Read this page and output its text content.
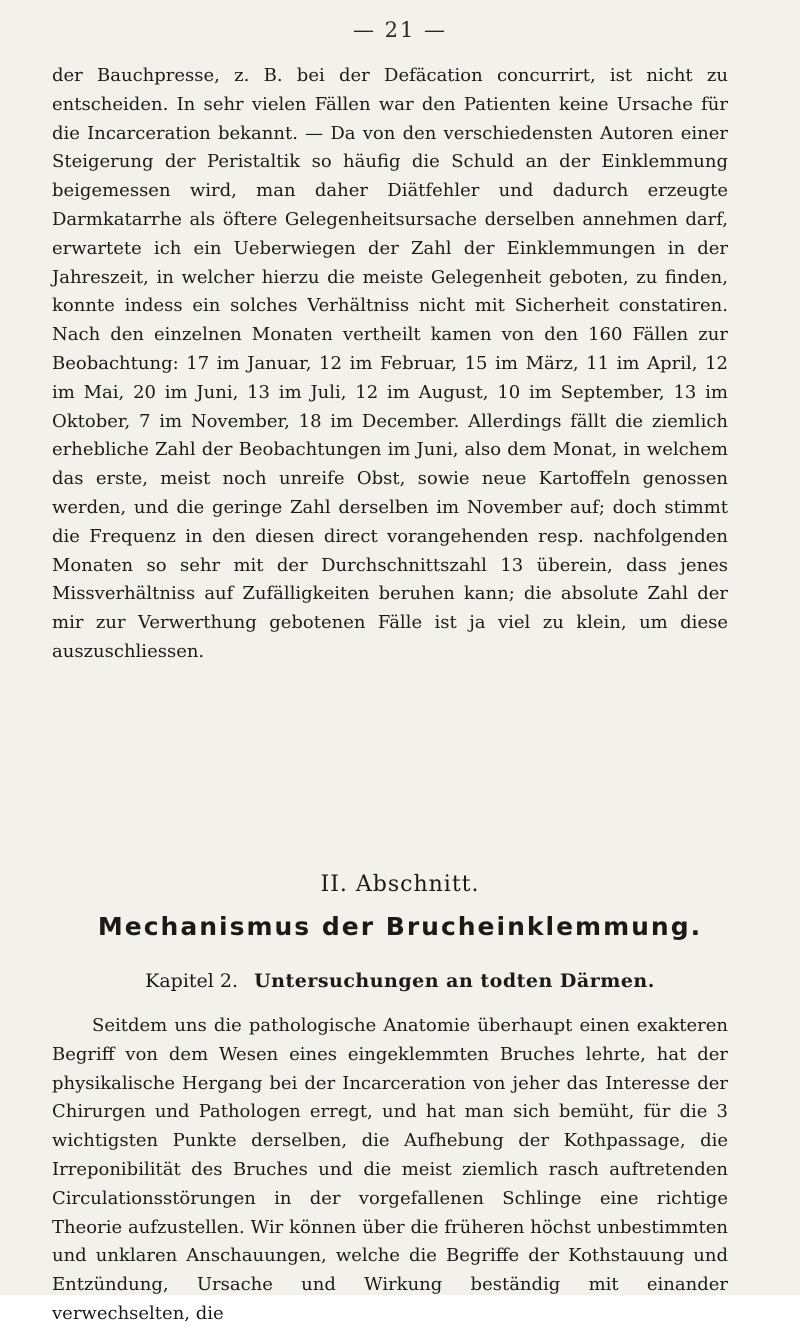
— 21 —

der Bauchpresse, z. B. bei der Defäcation concurrirt, ist nicht zu entscheiden. In sehr vielen Fällen war den Patienten keine Ursache für die Incarceration bekannt. — Da von den verschiedensten Autoren einer Steigerung der Peristaltik so häufig die Schuld an der Einklemmung beigemessen wird, man daher Diätfehler und dadurch erzeugte Darmkatarrhe als öftere Gelegenheitsursache derselben annehmen darf, erwartete ich ein Ueberwiegen der Zahl der Einklemmungen in der Jahreszeit, in welcher hierzu die meiste Gelegenheit geboten, zu finden, konnte indess ein solches Verhältniss nicht mit Sicherheit constatiren. Nach den einzelnen Monaten vertheilt kamen von den 160 Fällen zur Beobachtung: 17 im Januar, 12 im Februar, 15 im März, 11 im April, 12 im Mai, 20 im Juni, 13 im Juli, 12 im August, 10 im September, 13 im Oktober, 7 im November, 18 im December. Allerdings fällt die ziemlich erhebliche Zahl der Beobachtungen im Juni, also dem Monat, in welchem das erste, meist noch unreife Obst, sowie neue Kartoffeln genossen werden, und die geringe Zahl derselben im November auf; doch stimmt die Frequenz in den diesen direct vorangehenden resp. nachfolgenden Monaten so sehr mit der Durchschnittszahl 13 überein, dass jenes Missverhältniss auf Zufälligkeiten beruhen kann; die absolute Zahl der mir zur Verwerthung gebotenen Fälle ist ja viel zu klein, um diese auszuschliessen.

II. Abschnitt.
Mechanismus der Brucheinklemmung.
Kapitel 2. Untersuchungen an todten Därmen.

Seitdem uns die pathologische Anatomie überhaupt einen exakteren Begriff von dem Wesen eines eingeklemmten Bruches lehrte, hat der physikalische Hergang bei der Incarceration von jeher das Interesse der Chirurgen und Pathologen erregt, und hat man sich bemüht, für die 3 wichtigsten Punkte derselben, die Aufhebung der Kothpassage, die Irreponibilität des Bruches und die meist ziemlich rasch auftretenden Circulationsstörungen in der vorgefallenen Schlinge eine richtige Theorie aufzustellen. Wir können über die früheren höchst unbestimmten und unklaren Anschauungen, welche die Begriffe der Kothstauung und Entzündung, Ursache und Wirkung beständig mit einander verwechselten, die
